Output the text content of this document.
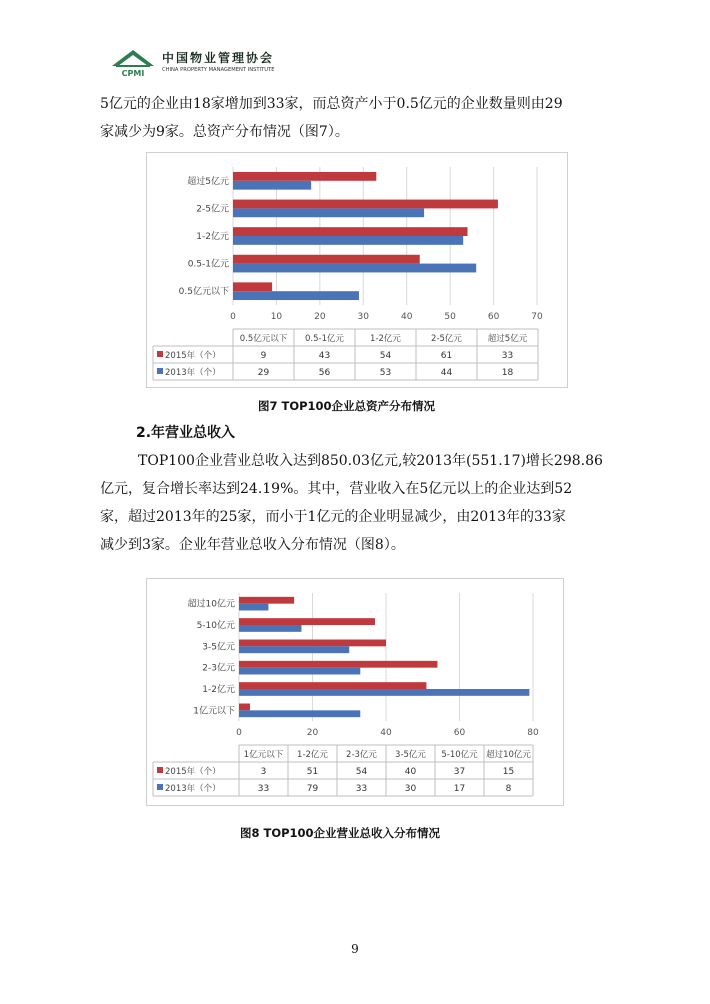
CPMI
中国物业管理协会
CHINA PROPERTY MANAGEMENT INSTITUTE

5亿元的企业由18家增加到33家，而总资产小于0.5亿元的企业数量则由29

家减少为9家。总资产分布情况（图7）。

0	10	20	30	40	50	60	70
0.5亿元以下
0.5-1亿元
1-2亿元
2-5亿元
超过5亿元
0.5亿元以下 0.5-1亿元	1-2亿元	2-5亿元	超过5亿元
2015年（个）	9	43	54	61	33
2013年（个）	29	56	53	44	18
图7 TOP100企业总资产分布情况
2.年营业总收入

TOP100企业营业总收入达到850.03亿元,较2013年(551.17)增长298.86

亿元，复合增长率达到24.19%。其中，营业收入在5亿元以上的企业达到52

家，超过2013年的25家，而小于1亿元的企业明显减少，由2013年的33家

减少到3家。企业年营业总收入分布情况（图8）。

0	20	40	60	80
1亿元以下
1-2亿元
2-3亿元
3-5亿元
5-10亿元
超过10亿元
1亿元以下 1-2亿元 2-3亿元 3-5亿元 5-10亿元 超过10亿元
2015年（个）	3	51	54	40	37	15
2013年（个）	33	79	33	30	17	8
图8 TOP100企业营业总收入分布情况
9
